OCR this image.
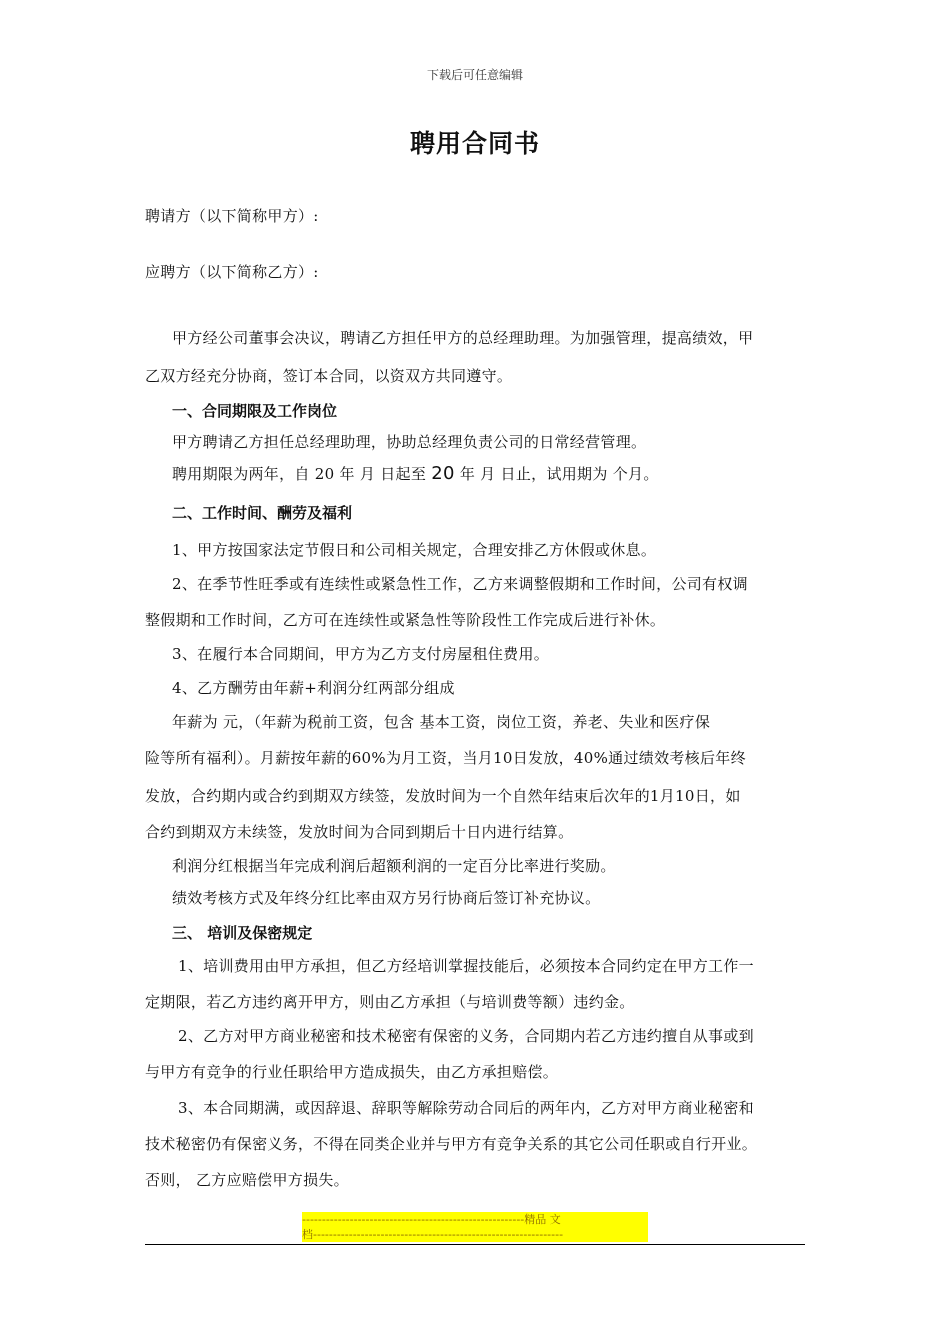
下载后可任意编辑
聘用合同书
聘请方（以下简称甲方）:
应聘方（以下简称乙方）:
甲方经公司董事会决议，聘请乙方担任甲方的总经理助理。为加强管理，提高绩效，甲
乙双方经充分协商，签订本合同，以资双方共同遵守。
一、合同期限及工作岗位
甲方聘请乙方担任总经理助理，协助总经理负责公司的日常经营管理。
聘用期限为两年，自 20 年 月 日起至 20 年 月 日止，试用期为 个月。
二、工作时间、酬劳及福利
1、甲方按国家法定节假日和公司相关规定，合理安排乙方休假或休息。
2、在季节性旺季或有连续性或紧急性工作，乙方来调整假期和工作时间，公司有权调
整假期和工作时间，乙方可在连续性或紧急性等阶段性工作完成后进行补休。
3、在履行本合同期间，甲方为乙方支付房屋租住费用。
4、乙方酬劳由年薪+利润分红两部分组成
年薪为 元，（年薪为税前工资，包含 基本工资，岗位工资，养老、失业和医疗保
险等所有福利）。月薪按年薪的60%为月工资，当月10日发放，40%通过绩效考核后年终
发放，合约期内或合约到期双方续签，发放时间为一个自然年结束后次年的1月10日，如
合约到期双方未续签，发放时间为合同到期后十日内进行结算。
利润分红根据当年完成利润后超额利润的一定百分比率进行奖励。
绩效考核方式及年终分红比率由双方另行协商后签订补充协议。
三、 培训及保密规定
1、培训费用由甲方承担，但乙方经培训掌握技能后，必须按本合同约定在甲方工作一
定期限，若乙方违约离开甲方，则由乙方承担（与培训费等额）违约金。
2、乙方对甲方商业秘密和技术秘密有保密的义务，合同期内若乙方违约擅自从事或到
与甲方有竞争的行业任职给甲方造成损失，由乙方承担赔偿。
3、本合同期满，或因辞退、辞职等解除劳动合同后的两年内，乙方对甲方商业秘密和
技术秘密仍有保密义务，不得在同类企业并与甲方有竞争关系的其它公司任职或自行开业。
否则， 乙方应赔偿甲方损失。
--------------------------------------------------------精品 文
档---------------------------------------------------------------
